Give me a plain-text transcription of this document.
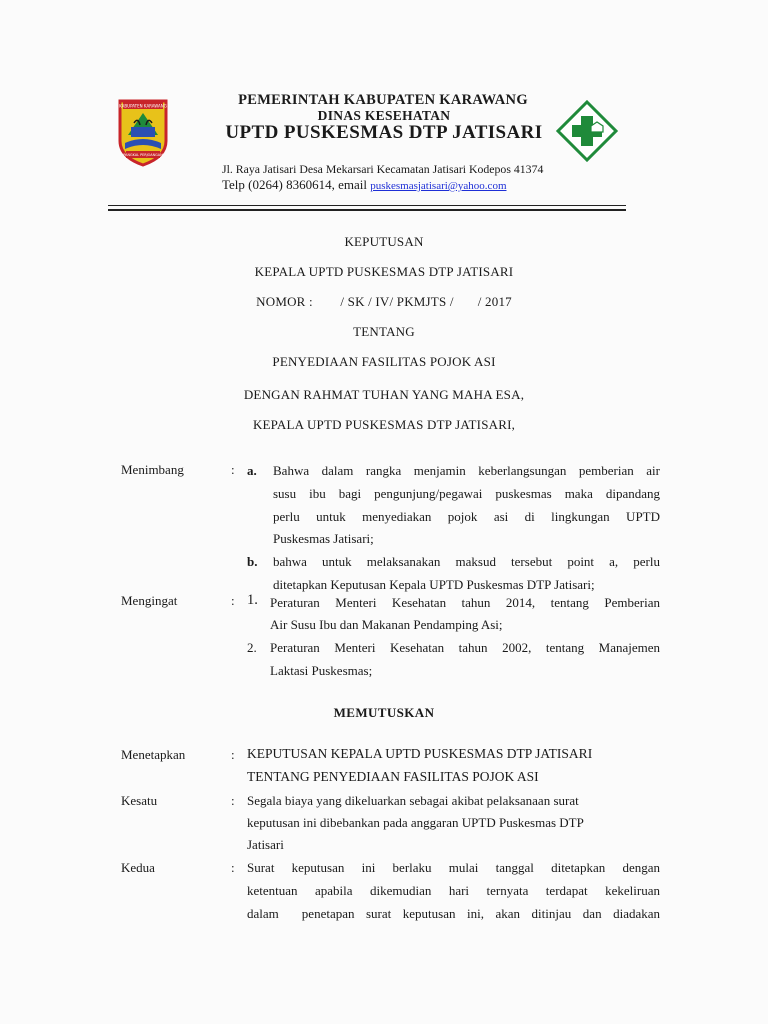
KABUPATEN KARAWANG
PANGKAL PERJOANGAN
PEMERINTAH KABUPATEN KARAWANG
DINAS KESEHATAN
UPTD PUSKESMAS DTP JATISARI
Jl. Raya Jatisari Desa Mekarsari Kecamatan Jatisari Kodepos 41374
Telp (0264) 8360614, email puskesmasjatisari@yahoo.com
KEPUTUSAN
KEPALA UPTD PUSKESMAS DTP JATISARI
NOMOR :        / SK / IV/ PKMJTS /       / 2017
TENTANG
PENYEDIAAN FASILITAS POJOK ASI
DENGAN RAHMAT TUHAN YANG MAHA ESA,
KEPALA UPTD PUSKESMAS DTP JATISARI,
Menimbang	: a. Bahwa dalam rangka menjamin keberlangsungan pemberian air
susu ibu bagi pengunjung/pegawai puskesmas maka dipandang
perlu untuk menyediakan pojok asi di lingkungan UPTD
Puskesmas Jatisari;
b. bahwa untuk melaksanakan maksud tersebut point a, perlu
ditetapkan Keputusan Kepala UPTD Puskesmas DTP Jatisari;
Mengingat	: 1. Peraturan Menteri Kesehatan tahun 2014, tentang Pemberian
Air Susu Ibu dan Makanan Pendamping Asi;
2. Peraturan Menteri Kesehatan tahun 2002, tentang Manajemen
Laktasi Puskesmas;
MEMUTUSKAN
Menetapkan	: KEPUTUSAN KEPALA UPTD PUSKESMAS DTP JATISARI
TENTANG PENYEDIAAN FASILITAS POJOK ASI
Kesatu	: Segala biaya yang dikeluarkan sebagai akibat pelaksanaan surat
keputusan ini dibebankan pada anggaran UPTD Puskesmas DTP
Jatisari
Kedua	: Surat keputusan ini berlaku mulai tanggal ditetapkan dengan
ketentuan apabila dikemudian hari ternyata terdapat kekeliruan
dalam  penetapan surat keputusan ini, akan ditinjau dan diadakan
